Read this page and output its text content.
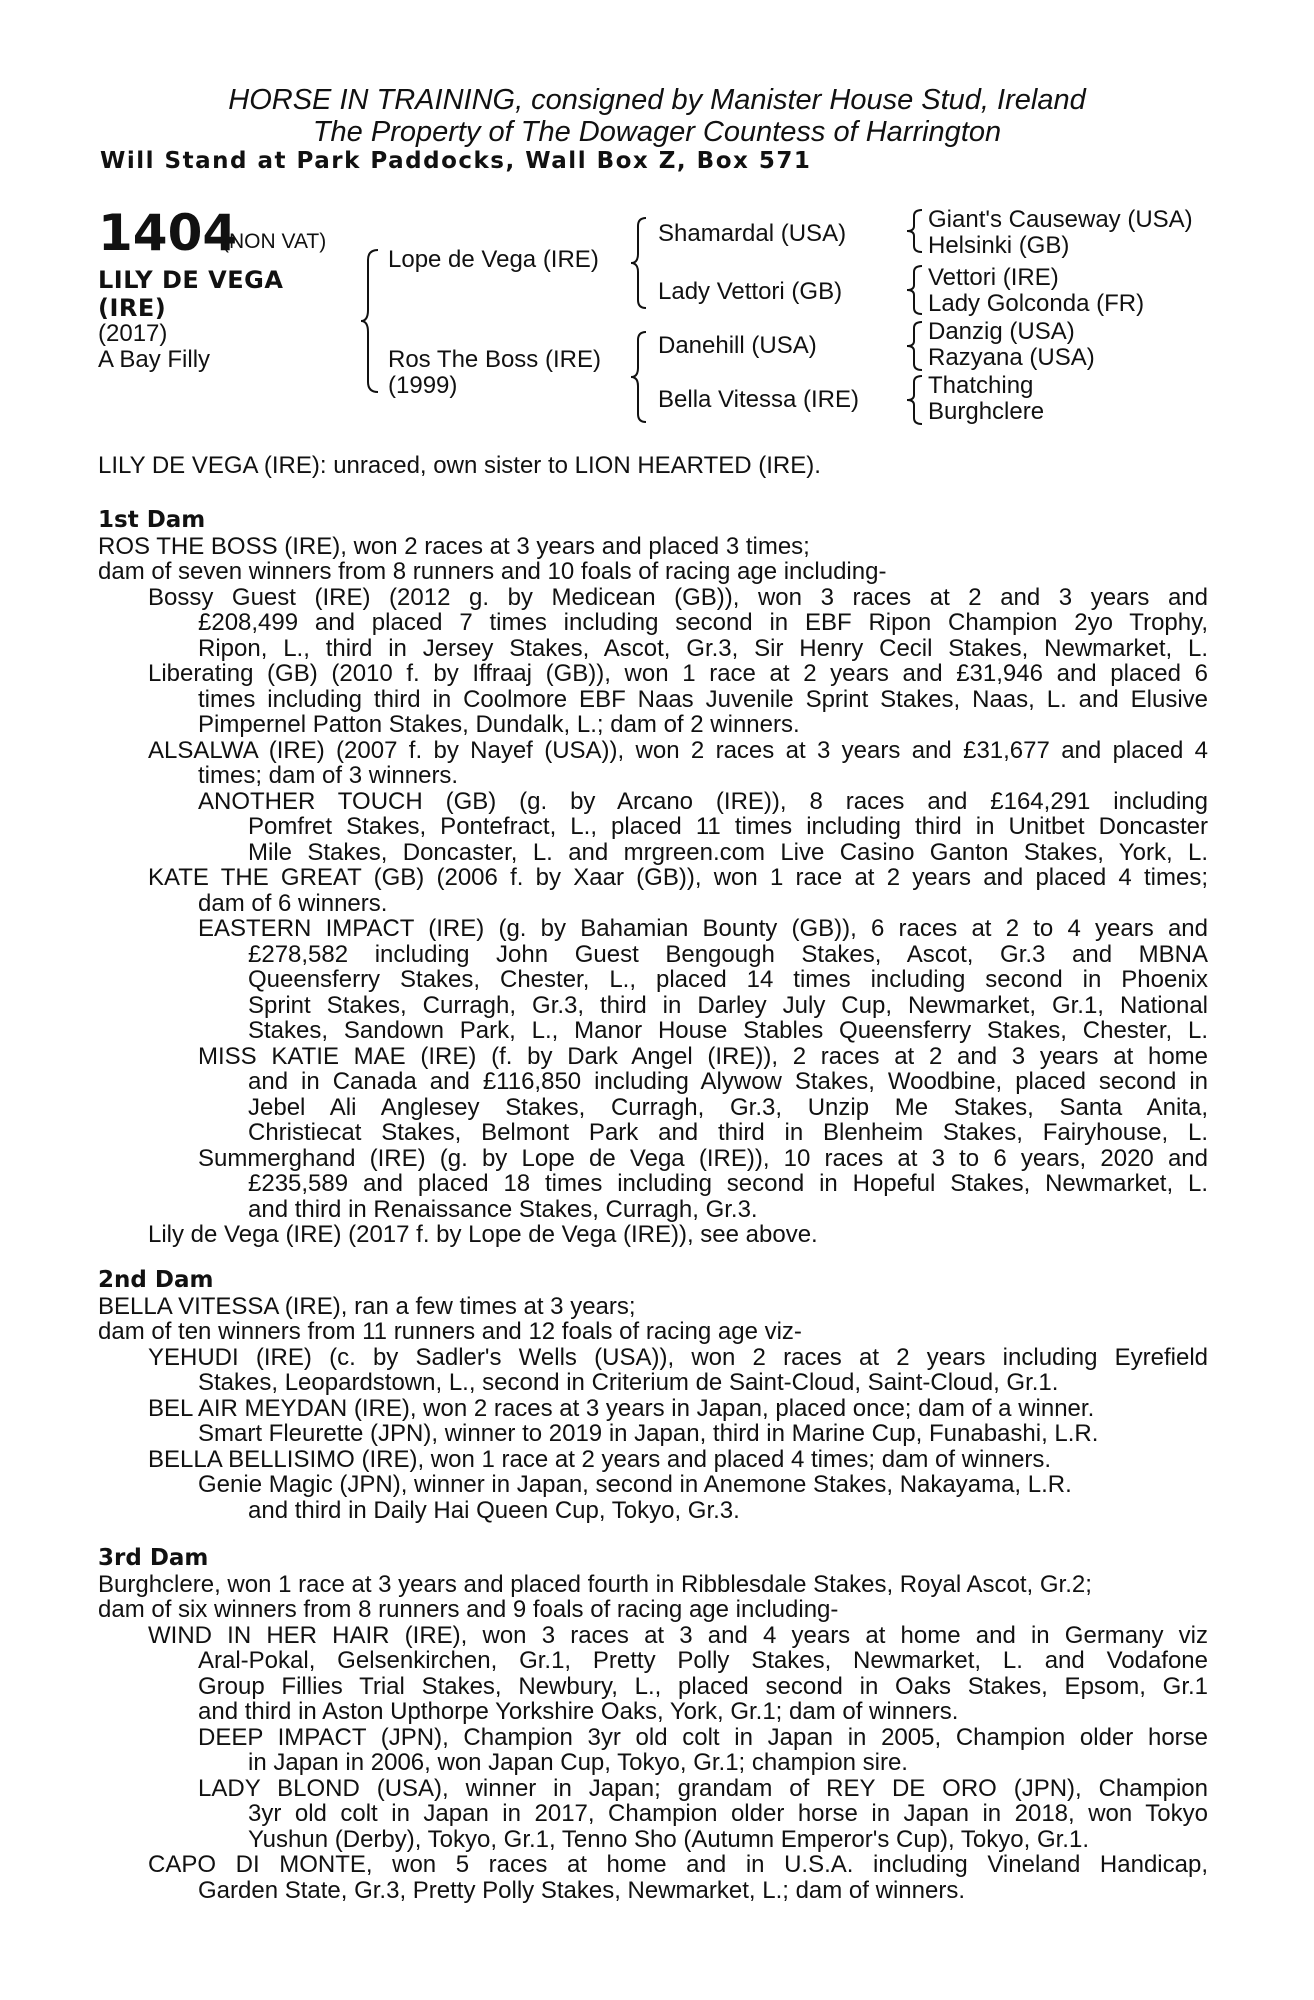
HORSE IN TRAINING, consigned by Manister House Stud, Ireland
The Property of The Dowager Countess of Harrington
Will Stand at Park Paddocks, Wall Box Z, Box 571
1404
(NON VAT)
LILY DE VEGA
(IRE)
(2017)
A Bay Filly
Lope de Vega (IRE)
Ros The Boss (IRE)
(1999)
Shamardal (USA)
Lady Vettori (GB)
Danehill (USA)
Bella Vitessa (IRE)
Giant's Causeway (USA)
Helsinki (GB)
Vettori (IRE)
Lady Golconda (FR)
Danzig (USA)
Razyana (USA)
Thatching
Burghclere
LILY DE VEGA (IRE): unraced, own sister to LION HEARTED (IRE).
1st Dam
ROS THE BOSS (IRE), won 2 races at 3 years and placed 3 times;
dam of seven winners from 8 runners and 10 foals of racing age including-
Bossy Guest (IRE) (2012 g. by Medicean (GB)), won 3 races at 2 and 3 years and
£208,499 and placed 7 times including second in EBF Ripon Champion 2yo Trophy,
Ripon, L., third in Jersey Stakes, Ascot, Gr.3, Sir Henry Cecil Stakes, Newmarket, L.
Liberating (GB) (2010 f. by Iffraaj (GB)), won 1 race at 2 years and £31,946 and placed 6
times including third in Coolmore EBF Naas Juvenile Sprint Stakes, Naas, L. and Elusive
Pimpernel Patton Stakes, Dundalk, L.; dam of 2 winners.
ALSALWA (IRE) (2007 f. by Nayef (USA)), won 2 races at 3 years and £31,677 and placed 4
times; dam of 3 winners.
ANOTHER TOUCH (GB) (g. by Arcano (IRE)), 8 races and £164,291 including
Pomfret Stakes, Pontefract, L., placed 11 times including third in Unitbet Doncaster
Mile Stakes, Doncaster, L. and mrgreen.com Live Casino Ganton Stakes, York, L.
KATE THE GREAT (GB) (2006 f. by Xaar (GB)), won 1 race at 2 years and placed 4 times;
dam of 6 winners.
EASTERN IMPACT (IRE) (g. by Bahamian Bounty (GB)), 6 races at 2 to 4 years and
£278,582 including John Guest Bengough Stakes, Ascot, Gr.3 and MBNA
Queensferry Stakes, Chester, L., placed 14 times including second in Phoenix
Sprint Stakes, Curragh, Gr.3, third in Darley July Cup, Newmarket, Gr.1, National
Stakes, Sandown Park, L., Manor House Stables Queensferry Stakes, Chester, L.
MISS KATIE MAE (IRE) (f. by Dark Angel (IRE)), 2 races at 2 and 3 years at home
and in Canada and £116,850 including Alywow Stakes, Woodbine, placed second in
Jebel Ali Anglesey Stakes, Curragh, Gr.3, Unzip Me Stakes, Santa Anita,
Christiecat Stakes, Belmont Park and third in Blenheim Stakes, Fairyhouse, L.
Summerghand (IRE) (g. by Lope de Vega (IRE)), 10 races at 3 to 6 years, 2020 and
£235,589 and placed 18 times including second in Hopeful Stakes, Newmarket, L.
and third in Renaissance Stakes, Curragh, Gr.3.
Lily de Vega (IRE) (2017 f. by Lope de Vega (IRE)), see above.
2nd Dam
BELLA VITESSA (IRE), ran a few times at 3 years;
dam of ten winners from 11 runners and 12 foals of racing age viz-
YEHUDI (IRE) (c. by Sadler's Wells (USA)), won 2 races at 2 years including Eyrefield
Stakes, Leopardstown, L., second in Criterium de Saint-Cloud, Saint-Cloud, Gr.1.
BEL AIR MEYDAN (IRE), won 2 races at 3 years in Japan, placed once; dam of a winner.
Smart Fleurette (JPN), winner to 2019 in Japan, third in Marine Cup, Funabashi, L.R.
BELLA BELLISIMO (IRE), won 1 race at 2 years and placed 4 times; dam of winners.
Genie Magic (JPN), winner in Japan, second in Anemone Stakes, Nakayama, L.R.
and third in Daily Hai Queen Cup, Tokyo, Gr.3.
3rd Dam
Burghclere, won 1 race at 3 years and placed fourth in Ribblesdale Stakes, Royal Ascot, Gr.2;
dam of six winners from 8 runners and 9 foals of racing age including-
WIND IN HER HAIR (IRE), won 3 races at 3 and 4 years at home and in Germany viz
Aral-Pokal, Gelsenkirchen, Gr.1, Pretty Polly Stakes, Newmarket, L. and Vodafone
Group Fillies Trial Stakes, Newbury, L., placed second in Oaks Stakes, Epsom, Gr.1
and third in Aston Upthorpe Yorkshire Oaks, York, Gr.1; dam of winners.
DEEP IMPACT (JPN), Champion 3yr old colt in Japan in 2005, Champion older horse
in Japan in 2006, won Japan Cup, Tokyo, Gr.1; champion sire.
LADY BLOND (USA), winner in Japan; grandam of REY DE ORO (JPN), Champion
3yr old colt in Japan in 2017, Champion older horse in Japan in 2018, won Tokyo
Yushun (Derby), Tokyo, Gr.1, Tenno Sho (Autumn Emperor's Cup), Tokyo, Gr.1.
CAPO DI MONTE, won 5 races at home and in U.S.A. including Vineland Handicap,
Garden State, Gr.3, Pretty Polly Stakes, Newmarket, L.; dam of winners.
